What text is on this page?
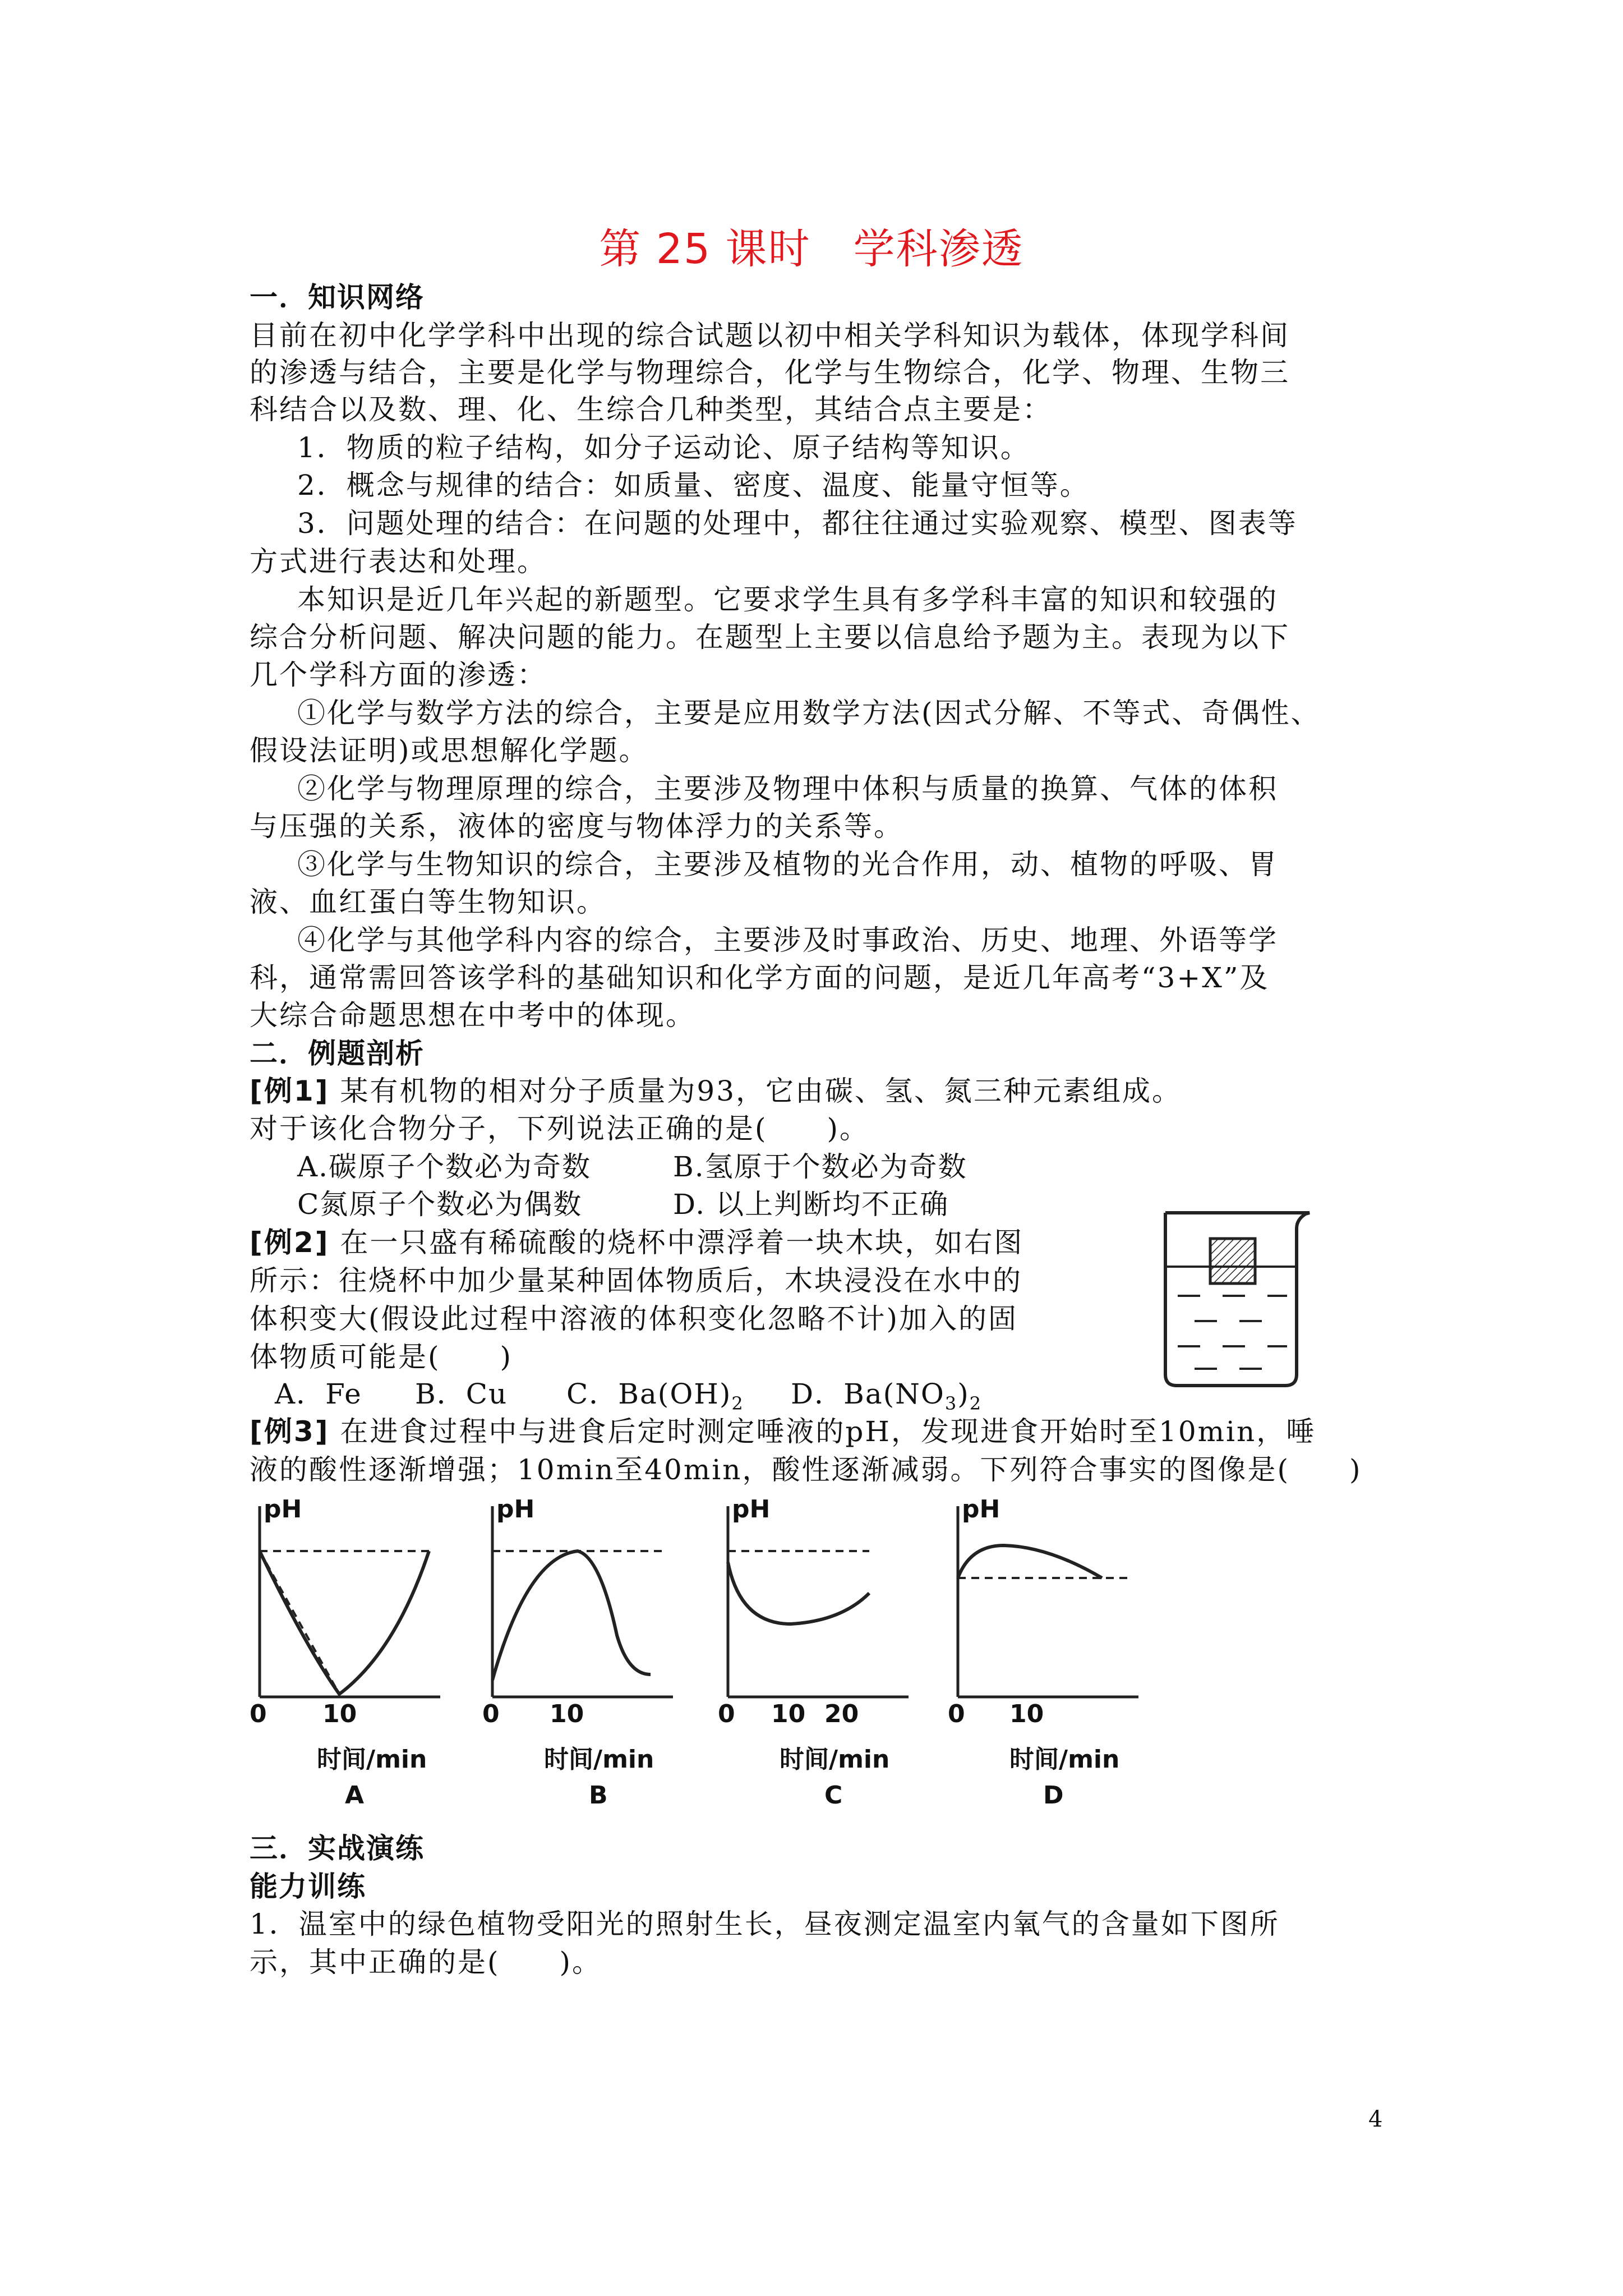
第 25 课时　学科渗透
一．知识网络
目前在初中化学学科中出现的综合试题以初中相关学科知识为载体，体现学科间
的渗透与结合，主要是化学与物理综合，化学与生物综合，化学、物理、生物三
科结合以及数、理、化、生综合几种类型，其结合点主要是：
1．物质的粒子结构，如分子运动论、原子结构等知识。
2．概念与规律的结合：如质量、密度、温度、能量守恒等。
3．问题处理的结合：在问题的处理中，都往往通过实验观察、模型、图表等
方式进行表达和处理。
本知识是近几年兴起的新题型。它要求学生具有多学科丰富的知识和较强的
综合分析问题、解决问题的能力。在题型上主要以信息给予题为主。表现为以下
几个学科方面的渗透：
①化学与数学方法的综合，主要是应用数学方法(因式分解、不等式、奇偶性、
假设法证明)或思想解化学题。
②化学与物理原理的综合，主要涉及物理中体积与质量的换算、气体的体积
与压强的关系，液体的密度与物体浮力的关系等。
③化学与生物知识的综合，主要涉及植物的光合作用，动、植物的呼吸、胃
液、血红蛋白等生物知识。
④化学与其他学科内容的综合，主要涉及时事政治、历史、地理、外语等学
科，通常需回答该学科的基础知识和化学方面的问题，是近几年高考“3+X”及
大综合命题思想在中考中的体现。
二．例题剖析
[例1] 某有机物的相对分子质量为93，它由碳、氢、氮三种元素组成。
对于该化合物分子，下列说法正确的是(　　)。
A.碳原子个数必为奇数	B.氢原于个数必为奇数
C氮原子个数必为偶数	D. 以上判断均不正确
[例2] 在一只盛有稀硫酸的烧杯中漂浮着一块木块，如右图
所示：往烧杯中加少量某种固体物质后，木块浸没在水中的
体积变大(假设此过程中溶液的体积变化忽略不计)加入的固
体物质可能是(　　)
A．Fe B．Cu C．$Ba(OH)_2$ D．$Ba(NO_3)_2$
[例3] 在进食过程中与进食后定时测定唾液的pH，发现进食开始时至10min，唾
液的酸性逐渐增强；10min至40min，酸性逐渐减弱。下列符合事实的图像是(　　)
pH
0 10
时间/min
A
pH
0 10
时间/min
B
pH
0 10 20
时间/min
C
pH
0 10
时间/min
D
三．实战演练
能力训练
1．温室中的绿色植物受阳光的照射生长，昼夜测定温室内氧气的含量如下图所
示，其中正确的是(　　)。
4
